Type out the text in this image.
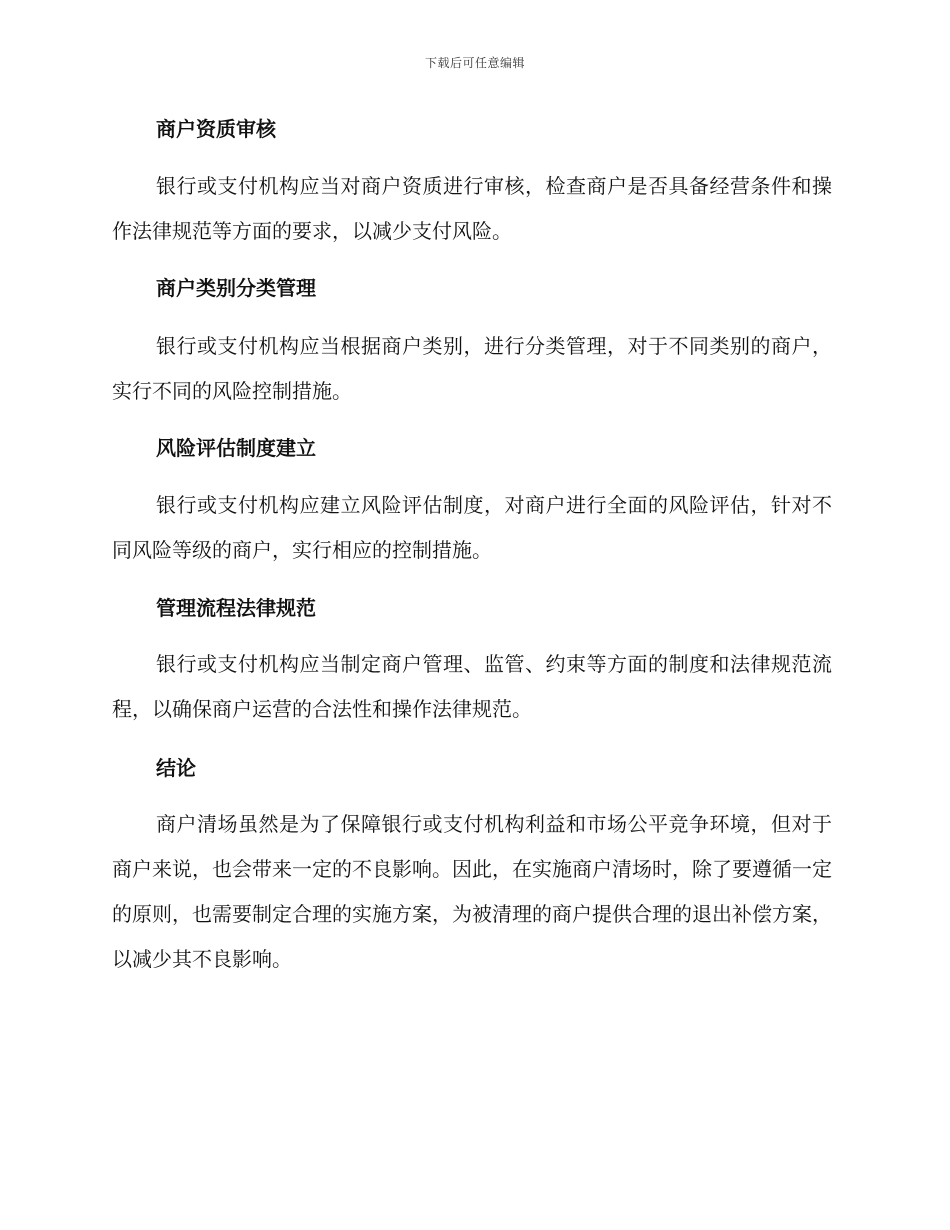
下载后可任意编辑
商户资质审核
银行或支付机构应当对商户资质进行审核，检查商户是否具备经营条件和操作法律规范等方面的要求，以减少支付风险。
商户类别分类管理
银行或支付机构应当根据商户类别，进行分类管理，对于不同类别的商户，实行不同的风险控制措施。
风险评估制度建立
银行或支付机构应建立风险评估制度，对商户进行全面的风险评估，针对不同风险等级的商户，实行相应的控制措施。
管理流程法律规范
银行或支付机构应当制定商户管理、监管、约束等方面的制度和法律规范流程，以确保商户运营的合法性和操作法律规范。
结论
商户清场虽然是为了保障银行或支付机构利益和市场公平竞争环境，但对于商户来说，也会带来一定的不良影响。因此，在实施商户清场时，除了要遵循一定的原则，也需要制定合理的实施方案，为被清理的商户提供合理的退出补偿方案，以减少其不良影响。
